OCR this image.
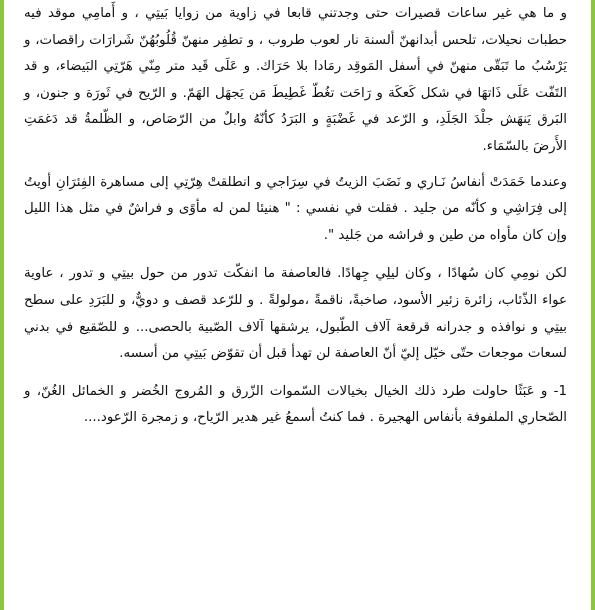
و ما هي غير ساعات قصيرات حتى وجدتني قابعا في زاوية من زوايا بَيتِي ، و أَمامِي موقد فيه حطبات نحيلات، تلحس أبدانهنّ ألسنة نار لعوب طروب ، و تطفِر منهنّ قُلُوبُهُنّ شَرارَات راقصات، و يَرْسُبُ ما تَبَقّى منهنّ في أسفل المَوقِد رمَادا بلا حَرَاك. و عَلَى قَيد متر مِنّي هَرّتِي البَيضاء، و قد التَفّت عَلَى ذَاتهَا في شكل كَعكَة و رَاحَت تغُطّ غَطِيطَ مَن يَجهَل الهَمّ. و الرّيح في ثَورَة و جنون، و البَرق يَنهَش جلْدَ الجَلَدِ، و الرّعد في غَضْبَةٍ و البَرَدُ كأنّهُ وابلٌ من الرّصَاص، و الظّلمةُ قد دَغمَتِ الأَرضَ بالسّمَاء.

وعندما خَمَدَتْ أنفاسُ نَـاري و نَضَبَ الزيتُ في سِرَاجي و انطلقتْ هِرّتِي إلى مساهرة الفِئرَانِ أويتُ إلى فِرَاشِي و كأنّه من جليد . فقلت في نفسي : " هنيئا لمن له مأوًى و فراشٌ في مثل هذا الليل وإن كان مأواه من طين و فراشه من جَليد ".

لكن نومِي كان سُهادًا ، وكان ليلِي جِهادًا. فالعاصفة ما انفكّت تدور من حول بيتِي و تدور ، عاوية عواء الذّئاب، زائرة زئير الأسود، صاخبةً، ناقمةً ،مولولةً . و للرّعد قصف و دويٌّ، و للبَرَدِ على سطح بيتِي و نوافذه و جدرانه قرقعة آلاف الطّبول، يرشقها آلاف الصّبية بالحصى... و للصّقيع في بدني لسعات موجعات حتّى خيّل إليّ أنّ العاصفة لن تهدأ قبل أن تقوّض بَيتِي من أسسه.

1- و عَبَثًا حاولت طرد ذلك الخيال بخيالات السّموات الزّرق و المُروج الخُضر و الخمائل الغُنّ، و الصّحاري الملفوفة بأنفاس الهجيرة . فما كنتُ أسمعُ غير هدير الرّياح، و زمجرة الرّعود....
